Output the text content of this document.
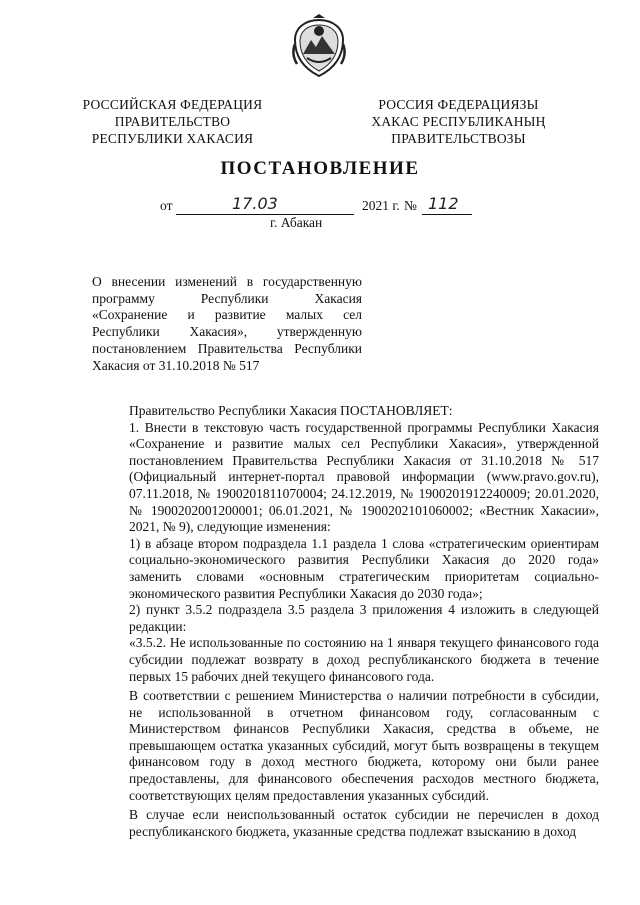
РОССИЙСКАЯ ФЕДЕРАЦИЯ
ПРАВИТЕЛЬСТВО
РЕСПУБЛИКИ ХАКАСИЯ
РОССИЯ ФЕДЕРАЦИЯЗЫ
ХАКАС РЕСПУБЛИКАНЫҢ
ПРАВИТЕЛЬСТВОЗЫ
ПОСТАНОВЛЕНИЕ
от	17.03	2021 г. № 112
г. Абакан
О внесении изменений в государственную
программу Республики Хакасия
«Сохранение и развитие малых сел
Республики Хакасия», утвержденную
постановлением Правительства Республики
Хакасия от 31.10.2018 № 517

Правительство Республики Хакасия ПОСТАНОВЛЯЕТ:

1. Внести в текстовую часть государственной программы Республики Хакасия «Сохранение и развитие малых сел Республики Хакасия», утвержденной постановлением Правительства Республики Хакасия от 31.10.2018 № 517 (Официальный интернет-портал правовой информации (www.pravo.gov.ru), 07.11.2018, № 1900201811070004; 24.12.2019, № 1900201912240009; 20.01.2020, № 1900202001200001; 06.01.2021, № 1900202101060002; «Вестник Хакасии», 2021, № 9), следующие изменения:

1) в абзаце втором подраздела 1.1 раздела 1 слова «стратегическим ориентирам социально-экономического развития Республики Хакасия до 2020 года» заменить словами «основным стратегическим приоритетам социально-экономического развития Республики Хакасия до 2030 года»;

2) пункт 3.5.2 подраздела 3.5 раздела 3 приложения 4 изложить в следующей редакции:

«3.5.2. Не использованные по состоянию на 1 января текущего финансового года субсидии подлежат возврату в доход республиканского бюджета в течение первых 15 рабочих дней текущего финансового года.

В соответствии с решением Министерства о наличии потребности в субсидии, не использованной в отчетном финансовом году, согласованным с Министерством финансов Республики Хакасия, средства в объеме, не превышающем остатка указанных субсидий, могут быть возвращены в текущем финансовом году в доход местного бюджета, которому они были ранее предоставлены, для финансового обеспечения расходов местного бюджета, соответствующих целям предоставления указанных субсидий.

В случае если неиспользованный остаток субсидии не перечислен в доход республиканского бюджета, указанные средства подлежат взысканию в доход
